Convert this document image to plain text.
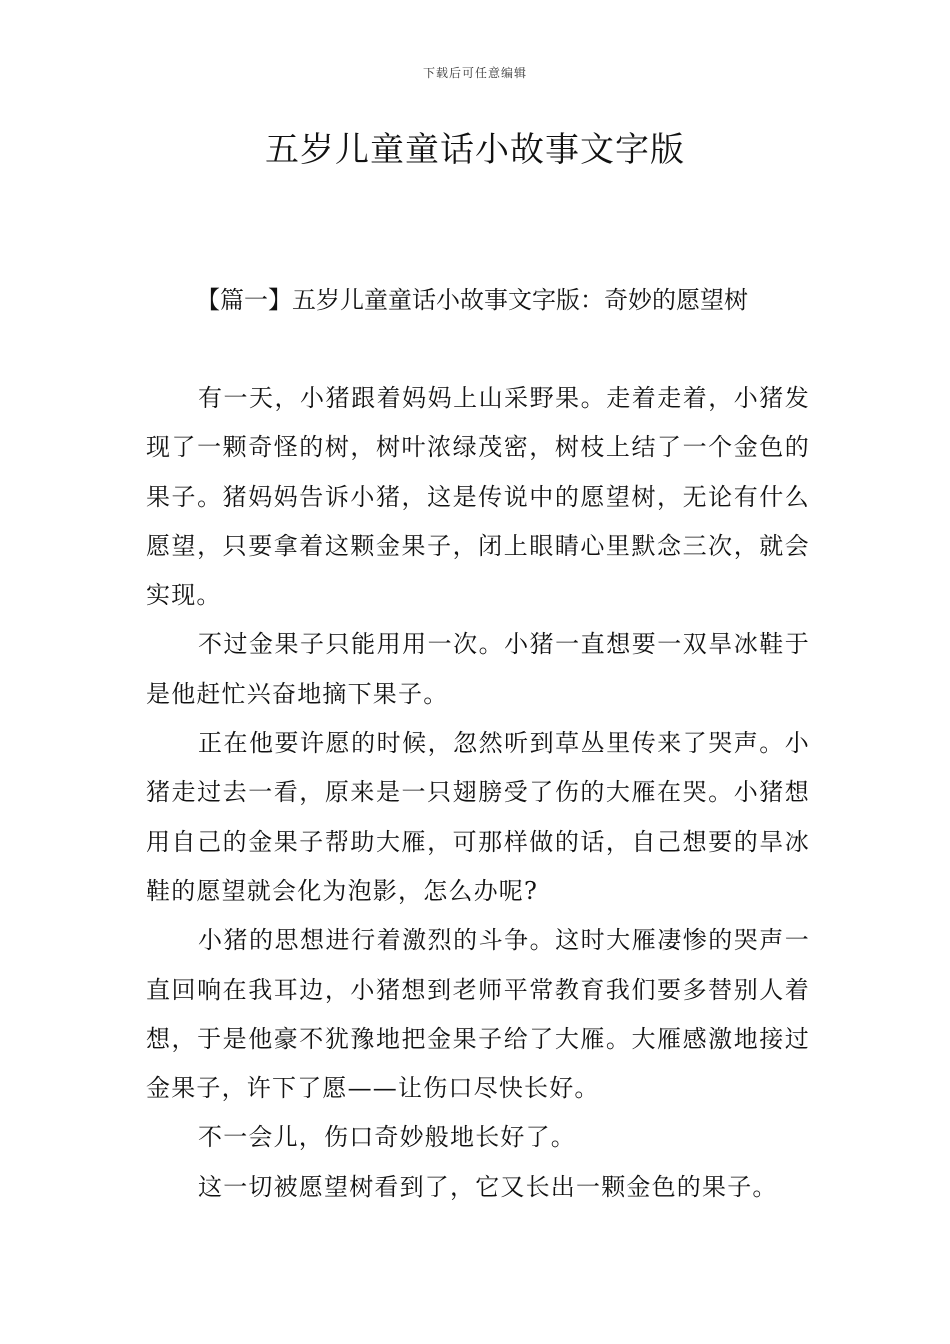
下载后可任意编辑
五岁儿童童话小故事文字版
【篇一】五岁儿童童话小故事文字版：奇妙的愿望树

有一天，小猪跟着妈妈上山采野果。走着走着，小猪发现了一颗奇怪的树，树叶浓绿茂密，树枝上结了一个金色的果子。猪妈妈告诉小猪，这是传说中的愿望树，无论有什么愿望，只要拿着这颗金果子，闭上眼睛心里默念三次，就会实现。

不过金果子只能用用一次。小猪一直想要一双旱冰鞋于是他赶忙兴奋地摘下果子。

正在他要许愿的时候，忽然听到草丛里传来了哭声。小猪走过去一看，原来是一只翅膀受了伤的大雁在哭。小猪想用自己的金果子帮助大雁，可那样做的话，自己想要的旱冰鞋的愿望就会化为泡影，怎么办呢?

小猪的思想进行着激烈的斗争。这时大雁凄惨的哭声一直回响在我耳边，小猪想到老师平常教育我们要多替别人着想，于是他豪不犹豫地把金果子给了大雁。大雁感激地接过金果子，许下了愿——让伤口尽快长好。

不一会儿，伤口奇妙般地长好了。

这一切被愿望树看到了，它又长出一颗金色的果子。
